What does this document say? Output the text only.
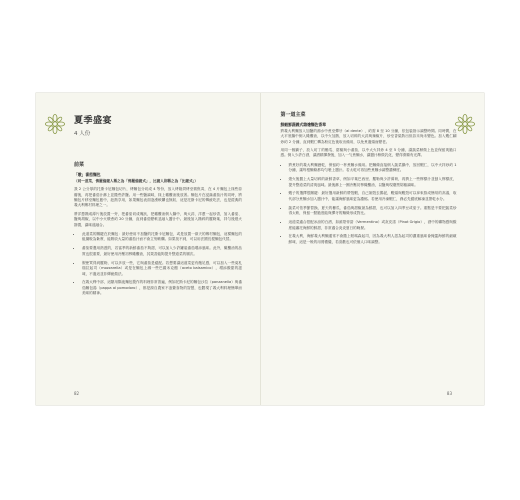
夏季盛宴
4 人份
前菜
「燉」番茄麵包
（同一道菜，佛羅倫薩人稱之為「佛羅倫薩式」，比薩人則稱之為「比薩式」）

我 2 公分厚的托斯卡尼麵包切片，烤麵包分切成 4 等份，放入烤箱烘烤至微焦黃，在 4 片麵包上抹些蒜瓣後，再把番茄汁淋上並撒些許鹽。用一些鹽調味，抹上橄欖油後放著。麵包片在浸滿番茄汁的同時，將麵包片移至麵包籃中，趁熱享用，如果麵包表面泡漲軟爛也無妨，這是托斯卡尼的傳統吃法，也是經典的義大利鄉村料理之一。

將洋蔥撕成薄片後放置一旁，把番茄切成塊狀，把橄欖油倒入鍋中，與大蒜、洋蔥一起炒香，加入番茄、鹽與胡椒，以中小火燉煮約 20 分鐘，直到番茄變軟並融入醬汁中。最後加入撕碎的羅勒葉，拌勻後熄火靜置，讓味道融合。

• 此道菜的關鍵在於麵包：最好使用不加鹽的托斯卡尼麵包，或是放置一兩天的鄉村麵包，這樣麵包的組織較為紮實，能吸收大量的番茄汁而不會立刻軟爛。如果找不到，可以用法國長棍麵包代替。
• 番茄要選用熟透的，若當季的新鮮番茄不夠甜，可以加入少許罐裝番茄增添風味。此外，橄欖油的品質也很重要，最好使用冷壓初榨橄欖油，其果香能夠提升整道菜的層次。
• 假使買得到羅勒，可以多放一些，它與番茄是絕配。若想要讓這道菜更有飽足感，可以加入一些莫札瑞拉起司（mozzarella）或是在麵包上淋一些巴薩米克醋（aceto balsamico），增添酸甜的滋味，不過這並非傳統做法。
• 在義大利中部，這類用隔夜麵包製作的料理非常普遍，例如托斯卡尼的麵包沙拉（panzanella）與番茄麵包湯（pappa al pomodoro），都是源自農家不浪費食物的智慧，也體現了義大利料理簡單而美味的精神。
82
第一道主菜
鮮蝦鮮蔬義式雜燴麵佐香草

將義大利麵放入加鹽的沸水中煮至彈牙（al dente），約需 8 至 10 分鐘，依包裝指示調整時間。同時間，在大平底鍋中倒入橄欖油，以中火加熱，放入切碎的大蒜與辣椒片，炒至香氣散出但蒜末尚未變色。加入蝦仁翻炒約 2 分鐘，直到蝦仁轉為粉紅色後取出備用，以免煮過頭而變老。

用同一個鍋子，放入切丁的櫛瓜、甜椒與小番茄，以中大火拌炒 4 至 5 分鐘，讓蔬菜稍微上色並保留爽脆口感。倒入少許白酒，讓酒精揮發後，加入一勺煮麵水，讓醬汁稍微乳化，變得滑順有光澤。

• 將煮好的義大利麵瀝乾，保留約一杯煮麵水備用。把麵條直接倒入蔬菜鍋中，放回蝦仁，以中火拌炒約 1 分鐘，讓每根麵條都均勻裹上醬汁。若太乾可再加些煮麵水調整濃稠度。
• 熄火後撒上大量切碎的新鮮香草，例如平葉巴西里、羅勒與少許薄荷，再擠上一些檸檬汁並刨入檸檬皮，提升整道菜的清爽風味。最後淋上一圈冷壓初榨橄欖油，以鹽與現磨黑胡椒調味。
• 蝦子的選擇很關鍵：最好選用新鮮的帶殼蝦，自己剝殼去腸泥，蝦頭與蝦殼可以拿來熬成簡易的高湯，取代部分煮麵水加入醬汁中，能讓海鮮風味更為濃郁。若使用冷凍蝦仁，務必先徹底解凍並擦乾水分。
• 蔬菜可依季節替換，夏天的櫛瓜、番茄與甜椒最為鮮甜，也可以加入四季豆或茄子。重點是不要把蔬菜炒得太軟，保留一點脆度能與彈牙的麵條形成對比。
• 這道菜適合搭配冰涼的白酒，如維蒙蒂諾（Vermentino）或灰皮諾（Pinot Grigio），酒中的礦物感與酸度能襯托海鮮的鮮甜，非常適合炎炎夏日的晚餐。
• 在義大利，海鮮義大利麵通常不會撒上帕瑪森起司，因為義大利人認為起司的濃重風味會掩蓋海鮮的細緻鮮味，這是一般的用餐禮儀，若喜歡也可依個人口味調整。
83
